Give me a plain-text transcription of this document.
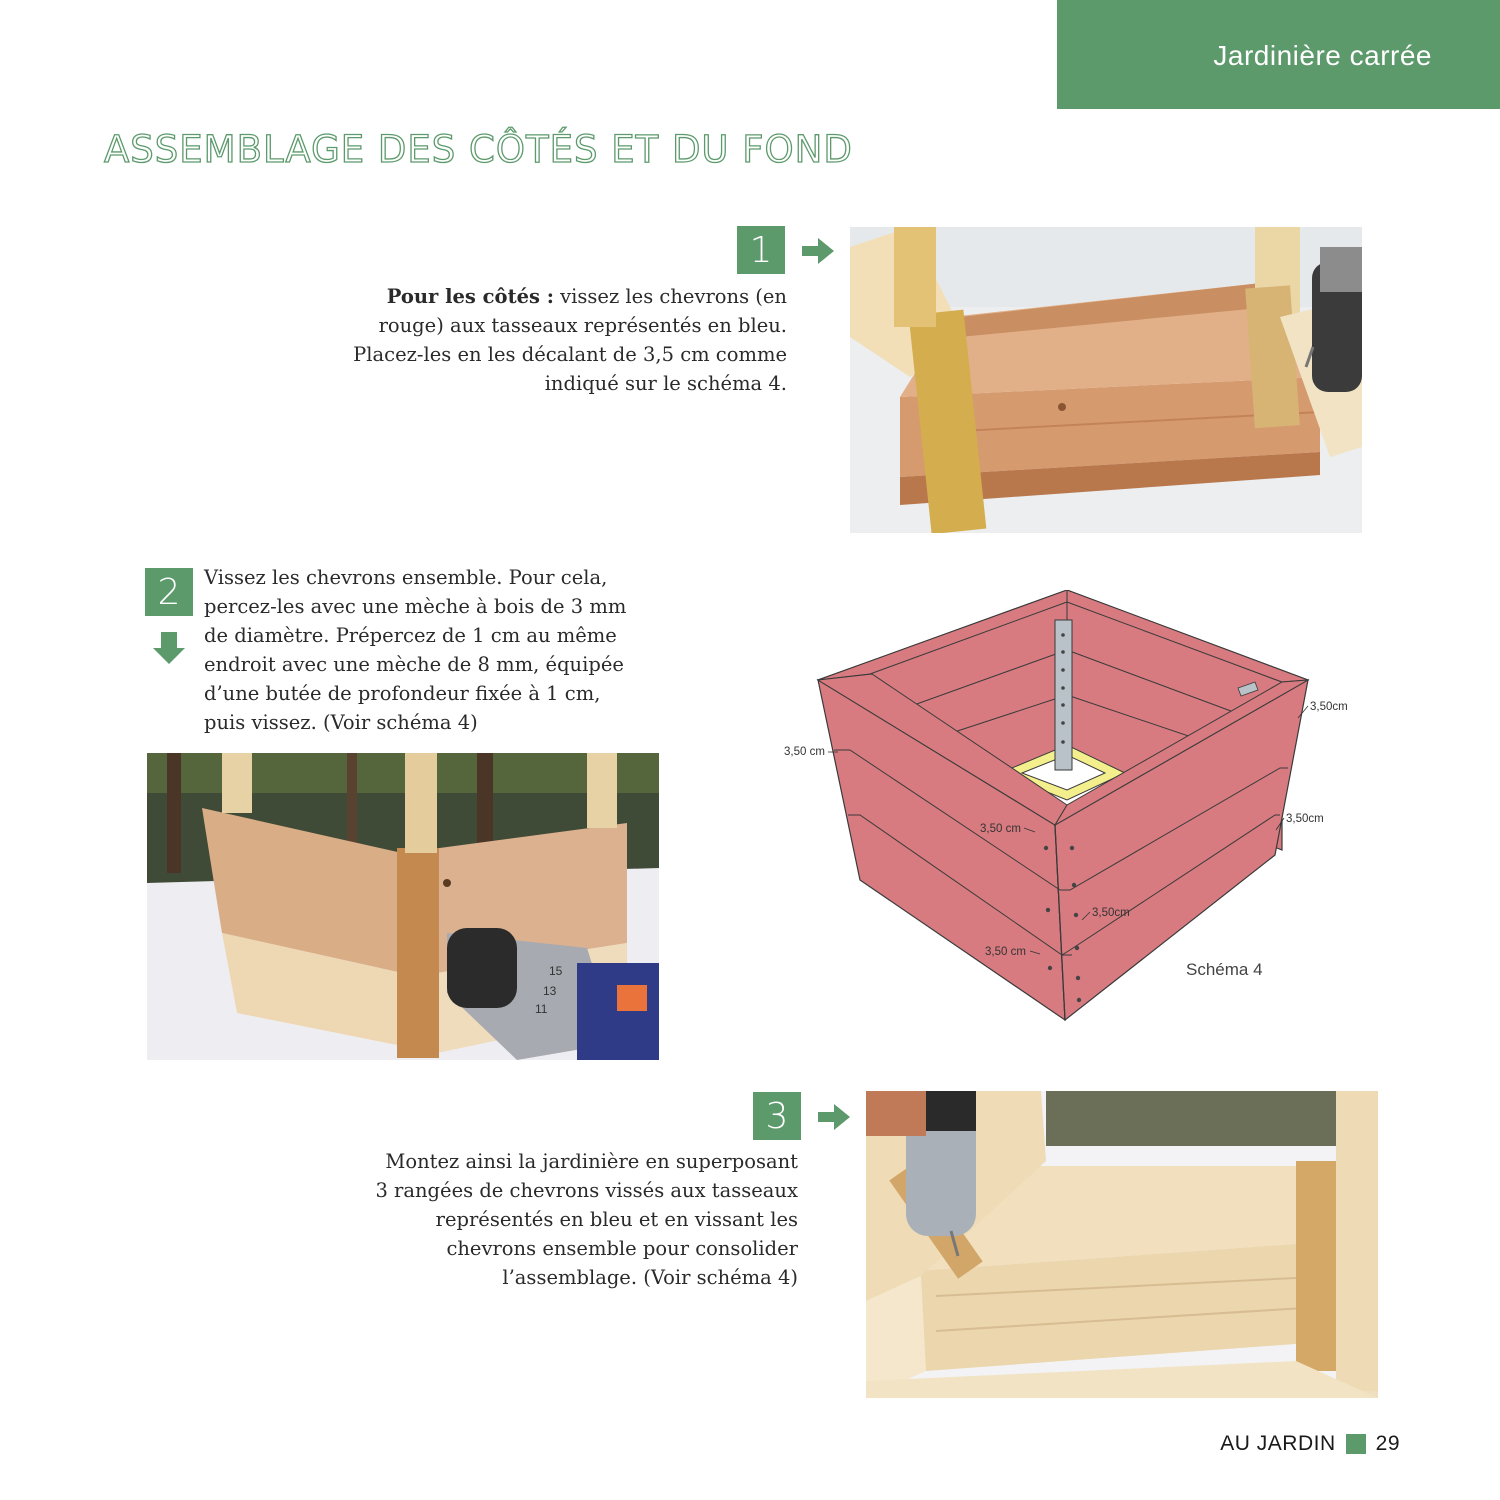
Jardinière carrée
ASSEMBLAGE DES CÔTÉS ET DU FOND
1
Pour les côtés : vissez les chevrons (en
rouge) aux tasseaux représentés en bleu.
Placez-les en les décalant de 3,5 cm comme
indiqué sur le schéma 4.
2	Vissez les chevrons ensemble. Pour cela,
percez-les avec une mèche à bois de 3 mm
de diamètre. Prépercez de 1 cm au même
endroit avec une mèche de 8 mm, équipée
d’une butée de profondeur fixée à 1 cm,
puis vissez. (Voir schéma 4)
11
13
15
3,50cm
3,50 cm
3,50 cm
3,50cm
3,50cm
3,50 cm
Schéma 4
3
Montez ainsi la jardinière en superposant
3 rangées de chevrons vissés aux tasseaux
représentés en bleu et en vissant les
chevrons ensemble pour consolider
l’assemblage. (Voir schéma 4)
AU JARDIN 29
